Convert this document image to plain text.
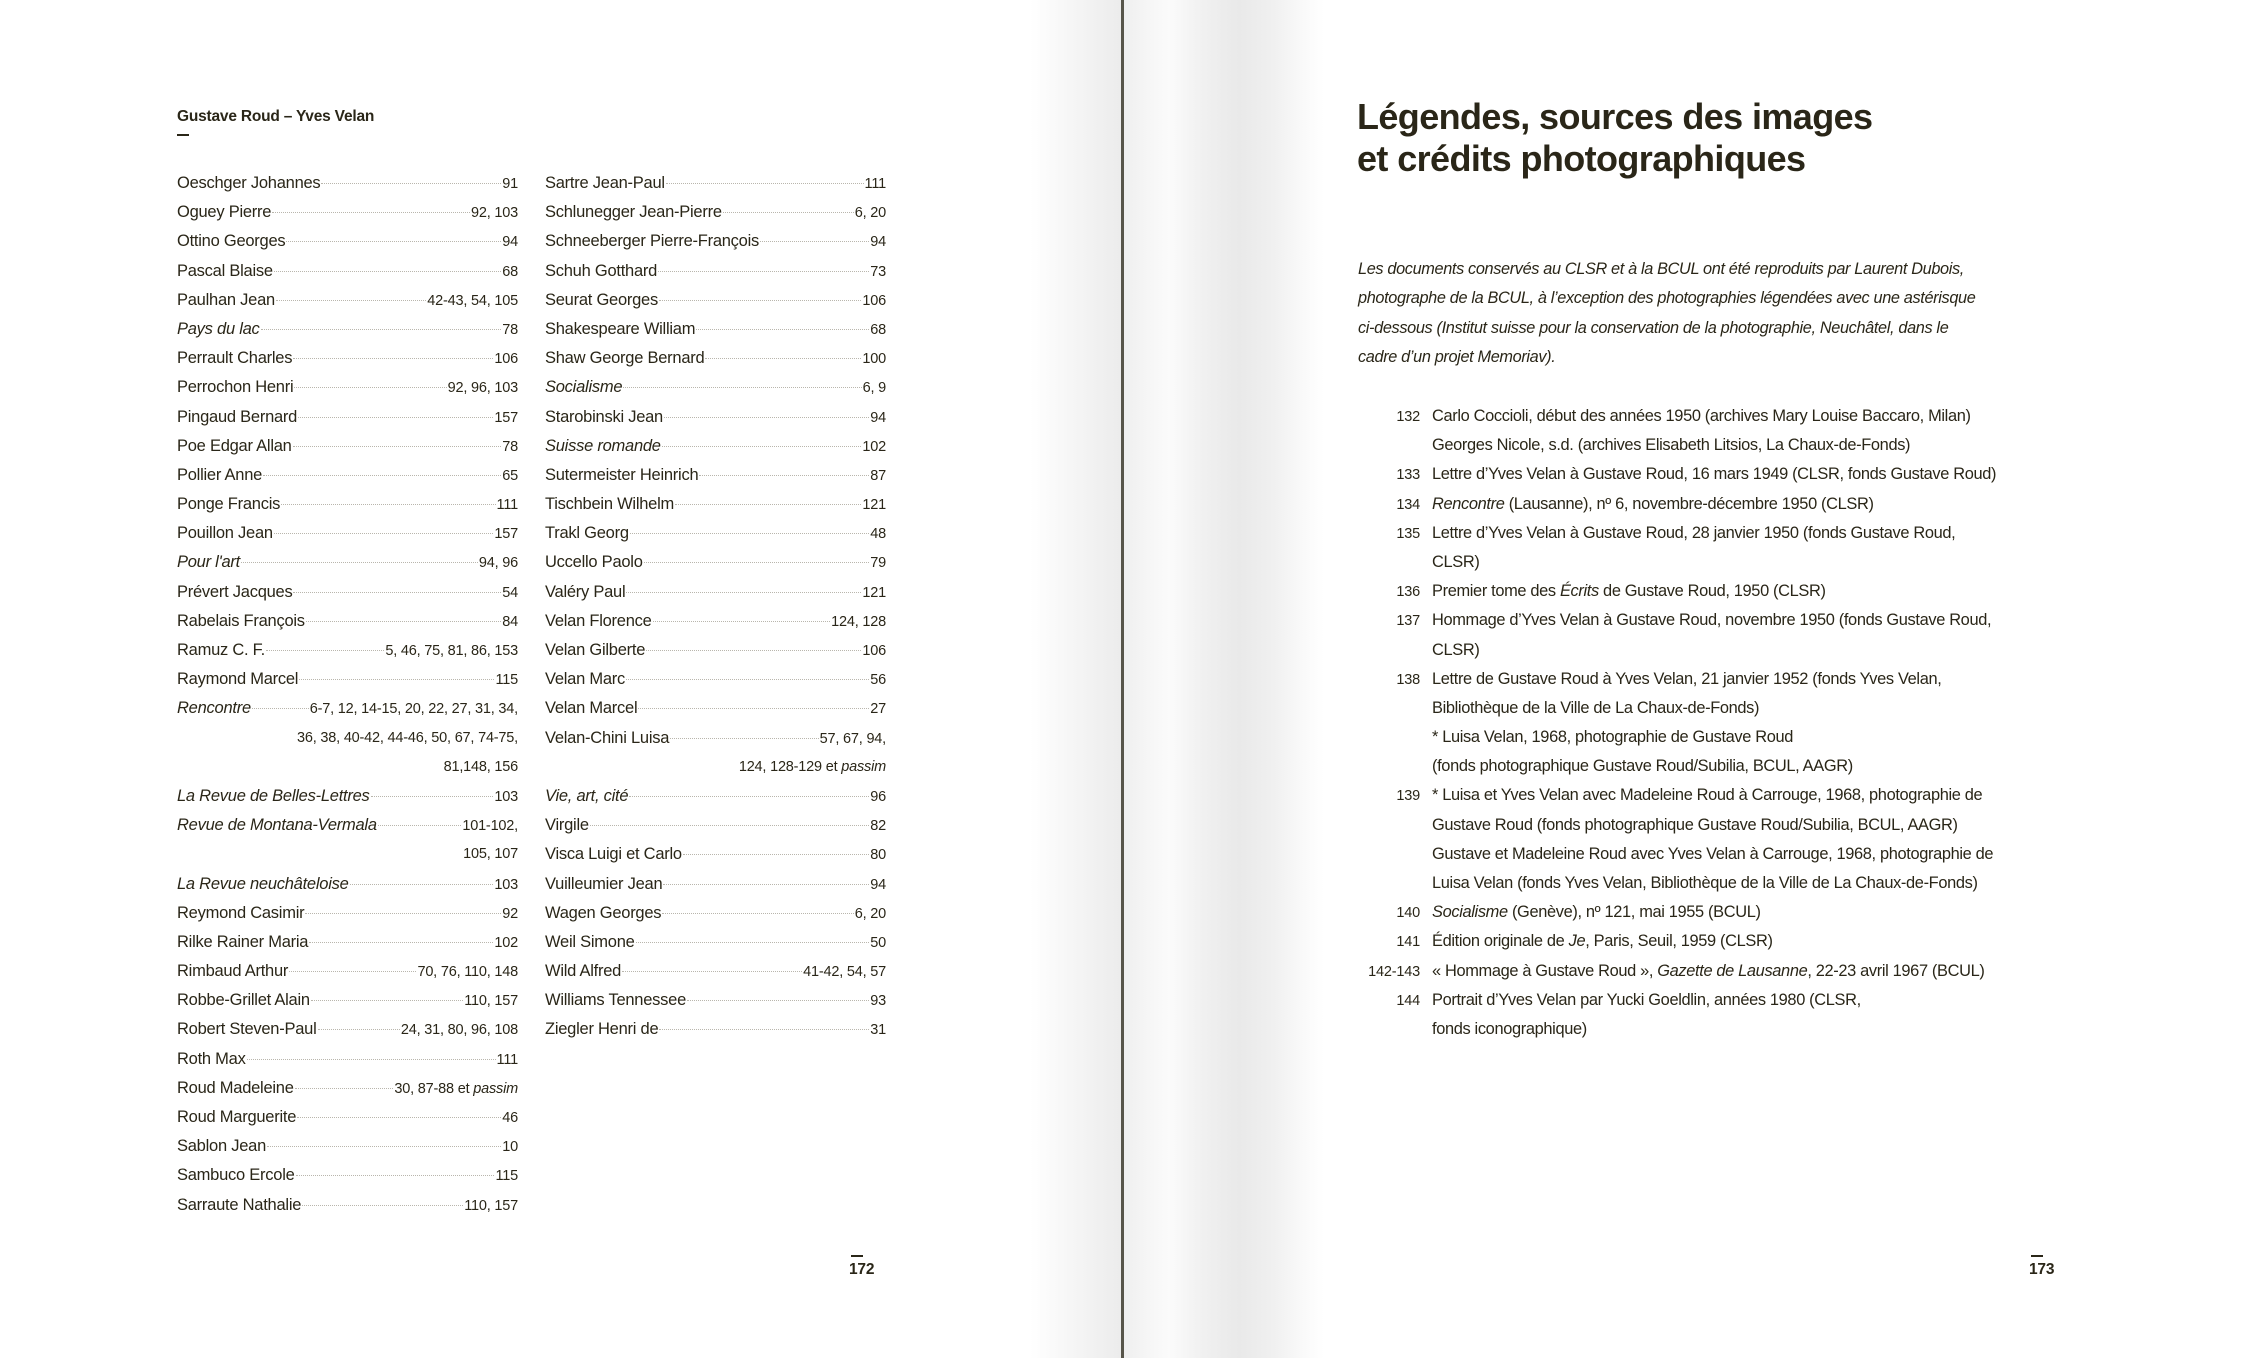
Gustave Roud – Yves Velan
Oeschger Johannes	91
Oguey Pierre	92, 103
Ottino Georges	94
Pascal Blaise	68
Paulhan Jean	42-43, 54, 105
Pays du lac	78
Perrault Charles	106
Perrochon Henri	92, 96, 103
Pingaud Bernard	157
Poe Edgar Allan	78
Pollier Anne	65
Ponge Francis	111
Pouillon Jean	157
Pour l'art	94, 96
Prévert Jacques	54
Rabelais François	84
Ramuz C. F.	5, 46, 75, 81, 86, 153
Raymond Marcel	115
Rencontre	6-7, 12, 14-15, 20, 22, 27, 31, 34,
36, 38, 40-42, 44-46, 50, 67, 74-75,
81,148, 156
La Revue de Belles-Lettres	103
Revue de Montana-Vermala	101-102,
105, 107
La Revue neuchâteloise	103
Reymond Casimir	92
Rilke Rainer Maria	102
Rimbaud Arthur	70, 76, 110, 148
Robbe-Grillet Alain	110, 157
Robert Steven-Paul	24, 31, 80, 96, 108
Roth Max	111
Roud Madeleine	30, 87-88 et passim
Roud Marguerite	46
Sablon Jean	10
Sambuco Ercole	115
Sarraute Nathalie	110, 157
Sartre Jean-Paul	111
Schlunegger Jean-Pierre	6, 20
Schneeberger Pierre-François	94
Schuh Gotthard	73
Seurat Georges	106
Shakespeare William	68
Shaw George Bernard	100
Socialisme	6, 9
Starobinski Jean	94
Suisse romande	102
Sutermeister Heinrich	87
Tischbein Wilhelm	121
Trakl Georg	48
Uccello Paolo	79
Valéry Paul	121
Velan Florence	124, 128
Velan Gilberte	106
Velan Marc	56
Velan Marcel	27
Velan-Chini Luisa	57, 67, 94,
124, 128-129 et passim
Vie, art, cité	96
Virgile	82
Visca Luigi et Carlo	80
Vuilleumier Jean	94
Wagen Georges	6, 20
Weil Simone	50
Wild Alfred	41-42, 54, 57
Williams Tennessee	93
Ziegler Henri de	31
172
Légendes, sources des images
et crédits photographiques
Les documents conservés au CLSR et à la BCUL ont été reproduits par Laurent Dubois,
photographe de la BCUL, à l’exception des photographies légendées avec une astérisque
ci-dessous (Institut suisse pour la conservation de la photographie, Neuchâtel, dans le
cadre d’un projet Memoriav).
132 Carlo Coccioli, début des années 1950 (archives Mary Louise Baccaro, Milan)
Georges Nicole, s.d. (archives Elisabeth Litsios, La Chaux-de-Fonds)
133 Lettre d’Yves Velan à Gustave Roud, 16 mars 1949 (CLSR, fonds Gustave Roud)
134 Rencontre (Lausanne), nº 6, novembre-décembre 1950 (CLSR)
135 Lettre d’Yves Velan à Gustave Roud, 28 janvier 1950 (fonds Gustave Roud,
CLSR)
136 Premier tome des Écrits de Gustave Roud, 1950 (CLSR)
137 Hommage d’Yves Velan à Gustave Roud, novembre 1950 (fonds Gustave Roud,
CLSR)
138 Lettre de Gustave Roud à Yves Velan, 21 janvier 1952 (fonds Yves Velan,
Bibliothèque de la Ville de La Chaux-de-Fonds)
* Luisa Velan, 1968, photographie de Gustave Roud
(fonds photographique Gustave Roud/Subilia, BCUL, AAGR)
139 * Luisa et Yves Velan avec Madeleine Roud à Carrouge, 1968, photographie de
Gustave Roud (fonds photographique Gustave Roud/Subilia, BCUL, AAGR)
Gustave et Madeleine Roud avec Yves Velan à Carrouge, 1968, photographie de
Luisa Velan (fonds Yves Velan, Bibliothèque de la Ville de La Chaux-de-Fonds)
140 Socialisme (Genève), nº 121, mai 1955 (BCUL)
141 Édition originale de Je, Paris, Seuil, 1959 (CLSR)
142-143 « Hommage à Gustave Roud », Gazette de Lausanne, 22-23 avril 1967 (BCUL)
144 Portrait d’Yves Velan par Yucki Goeldlin, années 1980 (CLSR,
fonds iconographique)
173
